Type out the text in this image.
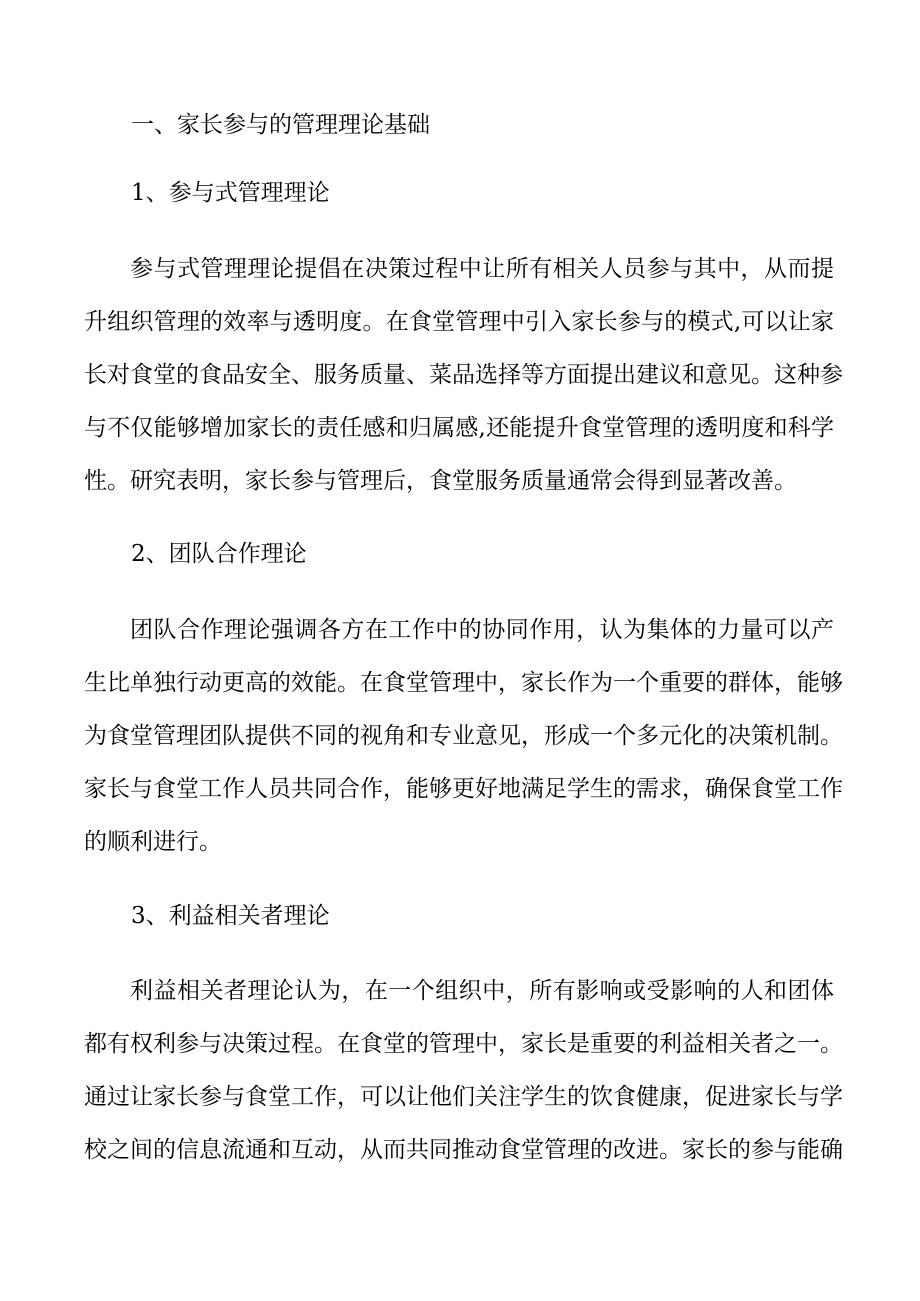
一、家长参与的管理理论基础
1、参与式管理理论
参与式管理理论提倡在决策过程中让所有相关人员参与其中，从而提
升组织管理的效率与透明度。在食堂管理中引入家长参与的模式,可以让家
长对食堂的食品安全、服务质量、菜品选择等方面提出建议和意见。这种参
与不仅能够增加家长的责任感和归属感,还能提升食堂管理的透明度和科学
性。研究表明，家长参与管理后，食堂服务质量通常会得到显著改善。
2、团队合作理论
团队合作理论强调各方在工作中的协同作用，认为集体的力量可以产
生比单独行动更高的效能。在食堂管理中，家长作为一个重要的群体，能够
为食堂管理团队提供不同的视角和专业意见，形成一个多元化的决策机制。
家长与食堂工作人员共同合作，能够更好地满足学生的需求，确保食堂工作
的顺利进行。
3、利益相关者理论
利益相关者理论认为，在一个组织中，所有影响或受影响的人和团体
都有权利参与决策过程。在食堂的管理中，家长是重要的利益相关者之一。
通过让家长参与食堂工作，可以让他们关注学生的饮食健康，促进家长与学
校之间的信息流通和互动，从而共同推动食堂管理的改进。家长的参与能确
